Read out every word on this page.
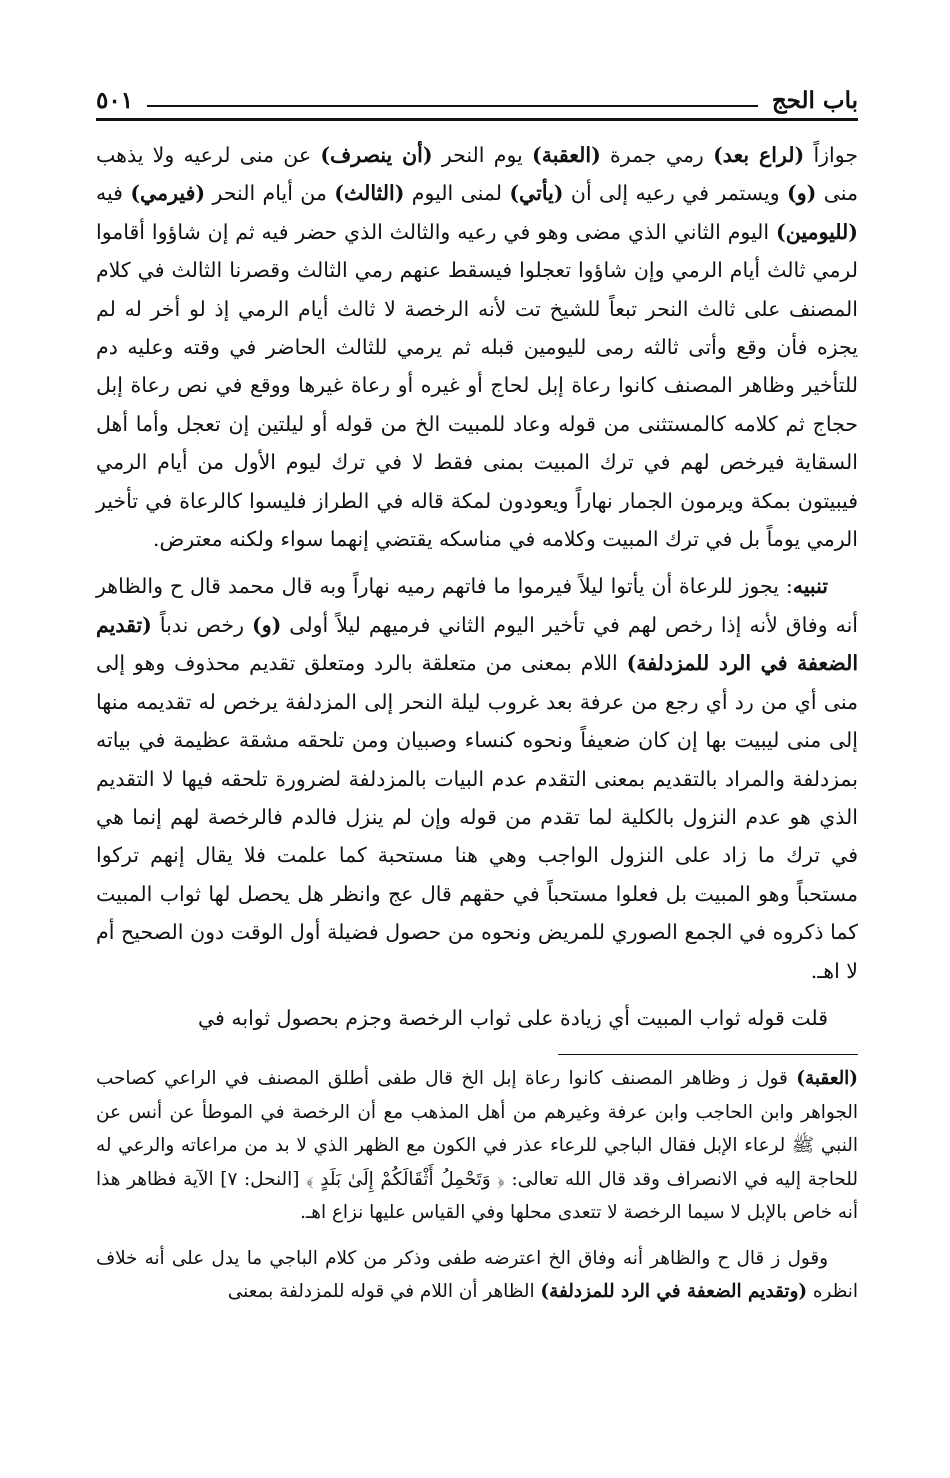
باب الحج
٥٠١

جوازاً (لراع بعد) رمي جمرة (العقبة) يوم النحر (أن ينصرف) عن منى لرعيه ولا يذهب منى (و) ويستمر في رعيه إلى أن (يأتي) لمنى اليوم (الثالث) من أيام النحر (فيرمي) فيه (لليومين) اليوم الثاني الذي مضى وهو في رعيه والثالث الذي حضر فيه ثم إن شاؤوا أقاموا لرمي ثالث أيام الرمي وإن شاؤوا تعجلوا فيسقط عنهم رمي الثالث وقصرنا الثالث في كلام المصنف على ثالث النحر تبعاً للشيخ تت لأنه الرخصة لا ثالث أيام الرمي إذ لو أخر له لم يجزه فأن وقع وأتى ثالثه رمى لليومين قبله ثم يرمي للثالث الحاضر في وقته وعليه دم للتأخير وظاهر المصنف كانوا رعاة إبل لحاج أو غيره أو رعاة غيرها ووقع في نص رعاة إبل حجاج ثم كلامه كالمستثنى من قوله وعاد للمبيت الخ من قوله أو ليلتين إن تعجل وأما أهل السقاية فيرخص لهم في ترك المبيت بمنى فقط لا في ترك ليوم الأول من أيام الرمي فيبيتون بمكة ويرمون الجمار نهاراً ويعودون لمكة قاله في الطراز فليسوا كالرعاة في تأخير الرمي يوماً بل في ترك المبيت وكلامه في مناسكه يقتضي إنهما سواء ولكنه معترض.

تنبيه: يجوز للرعاة أن يأتوا ليلاً فيرموا ما فاتهم رميه نهاراً وبه قال محمد قال ح والظاهر أنه وفاق لأنه إذا رخص لهم في تأخير اليوم الثاني فرميهم ليلاً أولى (و) رخص ندباً (تقديم الضعفة في الرد للمزدلفة) اللام بمعنى من متعلقة بالرد ومتعلق تقديم محذوف وهو إلى منى أي من رد أي رجع من عرفة بعد غروب ليلة النحر إلى المزدلفة يرخص له تقديمه منها إلى منى ليبيت بها إن كان ضعيفاً ونحوه كنساء وصبيان ومن تلحقه مشقة عظيمة في بياته بمزدلفة والمراد بالتقديم بمعنى التقدم عدم البيات بالمزدلفة لضرورة تلحقه فيها لا التقديم الذي هو عدم النزول بالكلية لما تقدم من قوله وإن لم ينزل فالدم فالرخصة لهم إنما هي في ترك ما زاد على النزول الواجب وهي هنا مستحبة كما علمت فلا يقال إنهم تركوا مستحباً وهو المبيت بل فعلوا مستحباً في حقهم قال عج وانظر هل يحصل لها ثواب المبيت كما ذكروه في الجمع الصوري للمريض ونحوه من حصول فضيلة أول الوقت دون الصحيح أم لا اهـ.

قلت قوله ثواب المبيت أي زيادة على ثواب الرخصة وجزم بحصول ثوابه في

(العقبة) قول ز وظاهر المصنف كانوا رعاة إبل الخ قال طفى أطلق المصنف في الراعي كصاحب الجواهر وابن الحاجب وابن عرفة وغيرهم من أهل المذهب مع أن الرخصة في الموطأ عن أنس عن النبي ﷺ لرعاء الإبل فقال الباجي للرعاء عذر في الكون مع الظهر الذي لا بد من مراعاته والرعي له للحاجة إليه في الانصراف وقد قال الله تعالى: ﴿ وَتَحْمِلُ أَثْقَالَكُمْ إِلَىٰ بَلَدٍ ﴾ [النحل: ٧] الآية فظاهر هذا أنه خاص بالإبل لا سيما الرخصة لا تتعدى محلها وفي القياس عليها نزاع اهـ.

وقول ز قال ح والظاهر أنه وفاق الخ اعترضه طفى وذكر من كلام الباجي ما يدل على أنه خلاف انظره (وتقديم الضعفة في الرد للمزدلفة) الظاهر أن اللام في قوله للمزدلفة بمعنى
